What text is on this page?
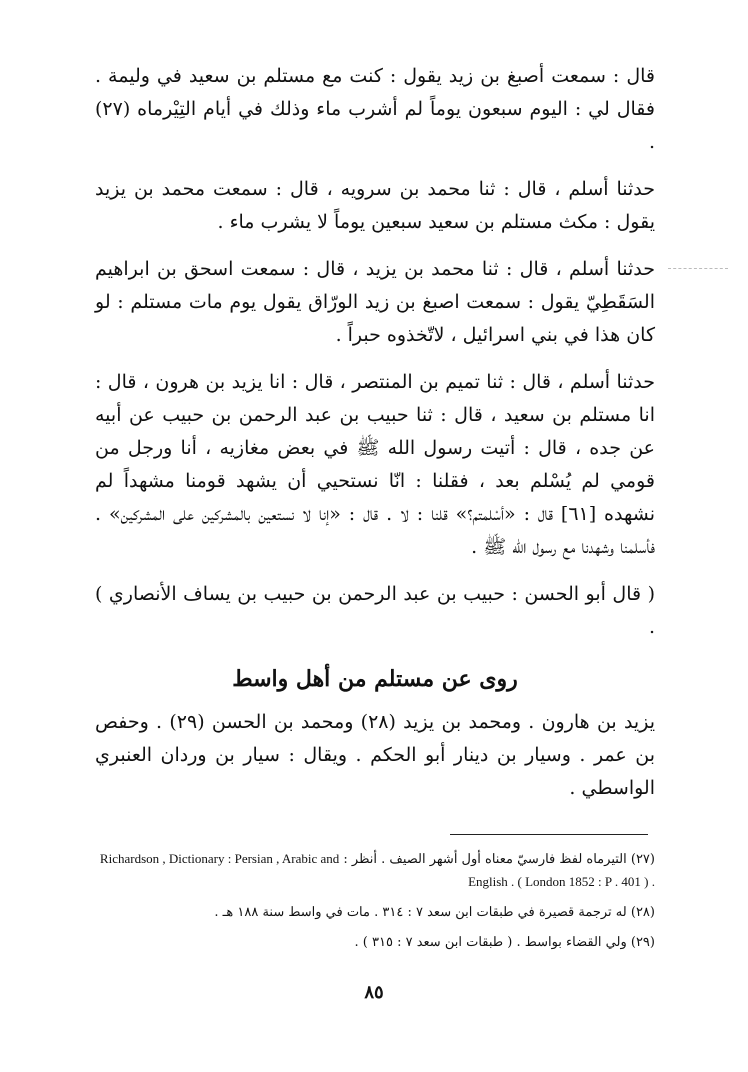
قال : سمعت أصبغ بن زيد يقول : كنت مع مستلم بن سعيد في وليمة . فقال لي : اليوم سبعون يوماً لم أشرب ماء وذلك في أيام التِيْرماه (٢٧) .

حدثنا أسلم ، قال : ثنا محمد بن سرويه ، قال : سمعت محمد بن يزيد يقول : مكث مستلم بن سعيد سبعين يوماً لا يشرب ماء .

حدثنا أسلم ، قال : ثنا محمد بن يزيد ، قال : سمعت اسحق بن ابراهيم السَقَطِيّ يقول : سمعت اصبغ بن زيد الورّاق يقول يوم مات مستلم : لو كان هذا في بني اسرائيل ، لاتّخذوه حبراً .

حدثنا أسلم ، قال : ثنا تميم بن المنتصر ، قال : انا يزيد بن هرون ، قال : انا مستلم بن سعيد ، قال : ثنا حبيب بن عبد الرحمن بن حبيب عن أبيه عن جده ، قال : أتيت رسول الله ﷺ في بعض مغازيه ، أنا ورجل من قومي لم يُسْلم بعد ، فقلنا : انّا نستحيي أن يشهد قومنا مشهداً لم نشهده [٦١] قال : «أسْلمتم؟» قلنا : لا . قال : «إنا لا نستعين بالمشركين على المشركين» . فأسلمنا وشهدنا مع رسول الله ﷺ .

( قال أبو الحسن : حبيب بن عبد الرحمن بن حبيب بن يساف الأنصاري ) .

روى عن مستلم من أهل واسط

يزيد بن هارون . ومحمد بن يزيد (٢٨) ومحمد بن الحسن (٢٩) . وحفص بن عمر . وسيار بن دينار أبو الحكم . ويقال : سيار بن وردان العنبري الواسطي .

(٢٧) التيرماه لفظ فارسيّ معناه أول أشهر الصيف . أنظر : Richardson , Dictionary : Persian , Arabic and English . ( London 1852 : P . 401 ) .

(٢٨) له ترجمة قصيرة في طبقات ابن سعد ٧ : ٣١٤ . مات في واسط سنة ١٨٨ هـ .

(٢٩) ولي القضاء بواسط . ( طبقات ابن سعد ٧ : ٣١٥ ) .

٨٥
